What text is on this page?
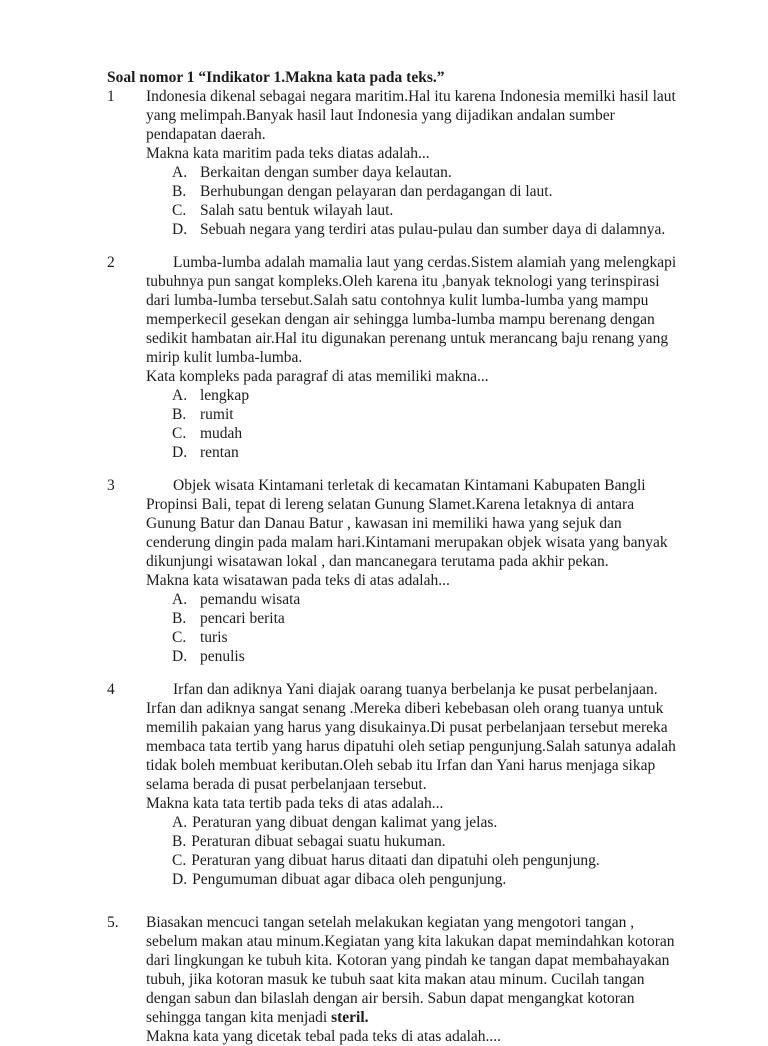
Soal nomor 1 “Indikator 1.Makna kata pada teks.”
1	Indonesia dikenal sebagai negara maritim.Hal itu karena Indonesia memilki hasil laut yang melimpah.Banyak hasil laut Indonesia yang dijadikan andalan sumber pendapatan daerah.

Makna kata maritim pada teks diatas adalah...

A. Berkaitan dengan sumber daya kelautan.
B. Berhubungan dengan pelayaran dan perdagangan di laut.
C. Salah satu bentuk wilayah laut.
D. Sebuah negara yang terdiri atas pulau-pulau dan sumber daya di dalamnya.
2	Lumba-lumba adalah mamalia laut yang cerdas.Sistem alamiah yang melengkapi tubuhnya pun sangat kompleks.Oleh karena itu ,banyak teknologi yang terinspirasi dari lumba-lumba tersebut.Salah satu contohnya kulit lumba-lumba yang mampu memperkecil gesekan dengan air sehingga lumba-lumba mampu berenang dengan sedikit hambatan air.Hal itu digunakan perenang untuk merancang baju renang yang mirip kulit lumba-lumba.

Kata kompleks pada paragraf di atas memiliki makna...

A. lengkap
B. rumit
C. mudah
D. rentan
3	Objek wisata Kintamani terletak di kecamatan Kintamani Kabupaten Bangli Propinsi Bali, tepat di lereng selatan Gunung Slamet.Karena letaknya di antara Gunung Batur dan Danau Batur , kawasan ini memiliki hawa yang sejuk dan cenderung dingin pada malam hari.Kintamani merupakan objek wisata yang banyak dikunjungi wisatawan lokal , dan mancanegara terutama pada akhir pekan.

Makna kata wisatawan pada teks di atas adalah...

A. pemandu wisata
B. pencari berita
C. turis
D. penulis
4	Irfan dan adiknya Yani diajak oarang tuanya berbelanja ke pusat perbelanjaan. Irfan dan adiknya sangat senang .Mereka diberi kebebasan oleh orang tuanya untuk memilih pakaian yang harus yang disukainya.Di pusat perbelanjaan tersebut mereka membaca tata tertib yang harus dipatuhi oleh setiap pengunjung.Salah satunya adalah tidak boleh membuat keributan.Oleh sebab itu Irfan dan Yani harus menjaga sikap selama berada di pusat perbelanjaan tersebut.

Makna kata tata tertib pada teks di atas adalah...

A. Peraturan yang dibuat dengan kalimat yang jelas.
B. Peraturan dibuat sebagai suatu hukuman.
C. Peraturan yang dibuat harus ditaati dan dipatuhi oleh pengunjung.
D. Pengumuman dibuat agar dibaca oleh pengunjung.
5.	Biasakan mencuci tangan setelah melakukan kegiatan yang mengotori tangan , sebelum makan atau minum.Kegiatan yang kita lakukan dapat memindahkan kotoran dari lingkungan ke tubuh kita. Kotoran yang pindah ke tangan dapat membahayakan tubuh, jika kotoran masuk ke tubuh saat kita makan atau minum. Cucilah tangan dengan sabun dan bilaslah dengan air bersih. Sabun dapat mengangkat kotoran sehingga tangan kita menjadi steril.

Makna kata yang dicetak tebal pada teks di atas adalah....
